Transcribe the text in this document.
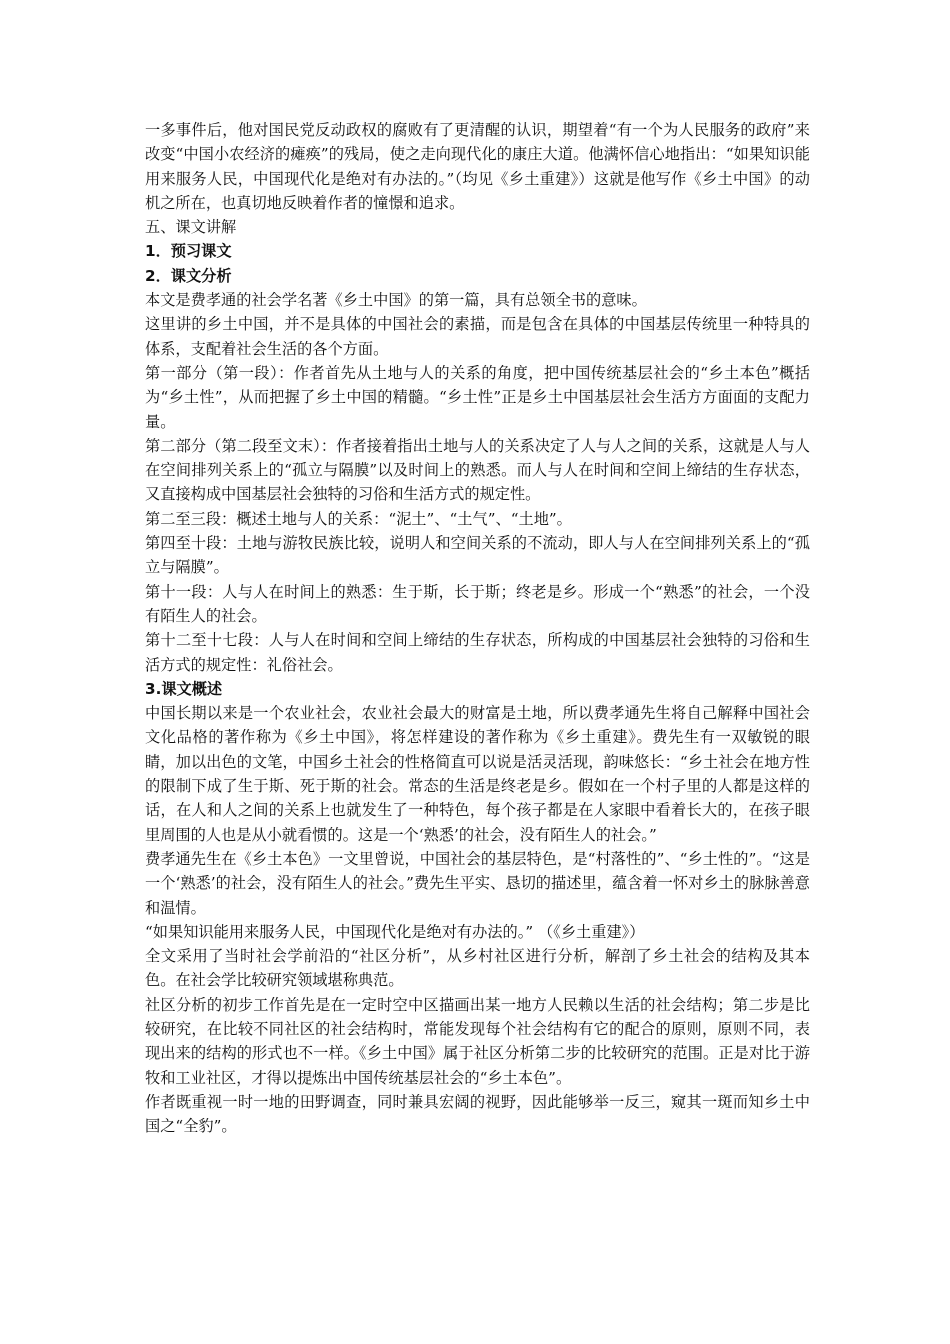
一多事件后，他对国民党反动政权的腐败有了更清醒的认识，期望着“有一个为人民服务的政府”来改变“中国小农经济的瘫痪”的残局，使之走向现代化的康庄大道。他满怀信心地指出：“如果知识能用来服务人民，中国现代化是绝对有办法的。”（均见《乡土重建》）这就是他写作《乡土中国》的动机之所在，也真切地反映着作者的憧憬和追求。

五、课文讲解

1．预习课文

2．课文分析

本文是费孝通的社会学名著《乡土中国》的第一篇，具有总领全书的意味。

这里讲的乡土中国，并不是具体的中国社会的素描，而是包含在具体的中国基层传统里一种特具的体系，支配着社会生活的各个方面。

第一部分（第一段）：作者首先从土地与人的关系的角度，把中国传统基层社会的“乡土本色”概括为“乡土性”，从而把握了乡土中国的精髓。“乡土性”正是乡土中国基层社会生活方方面面的支配力量。

第二部分（第二段至文末）：作者接着指出土地与人的关系决定了人与人之间的关系，这就是人与人在空间排列关系上的“孤立与隔膜”以及时间上的熟悉。而人与人在时间和空间上缔结的生存状态，又直接构成中国基层社会独特的习俗和生活方式的规定性。

第二至三段：概述土地与人的关系：“泥土”、“土气”、“土地”。

第四至十段：土地与游牧民族比较，说明人和空间关系的不流动，即人与人在空间排列关系上的“孤立与隔膜”。

第十一段：人与人在时间上的熟悉：生于斯，长于斯；终老是乡。形成一个“熟悉”的社会，一个没有陌生人的社会。

第十二至十七段：人与人在时间和空间上缔结的生存状态，所构成的中国基层社会独特的习俗和生活方式的规定性：礼俗社会。

3.课文概述

中国长期以来是一个农业社会，农业社会最大的财富是土地，所以费孝通先生将自己解释中国社会文化品格的著作称为《乡土中国》，将怎样建设的著作称为《乡土重建》。费先生有一双敏锐的眼睛，加以出色的文笔，中国乡土社会的性格简直可以说是活灵活现，韵味悠长：“乡土社会在地方性的限制下成了生于斯、死于斯的社会。常态的生活是终老是乡。假如在一个村子里的人都是这样的话，在人和人之间的关系上也就发生了一种特色，每个孩子都是在人家眼中看着长大的，在孩子眼里周围的人也是从小就看惯的。这是一个‘熟悉’的社会，没有陌生人的社会。”

费孝通先生在《乡土本色》一文里曾说，中国社会的基层特色，是“村落性的”、“乡土性的”。“这是一个‘熟悉’的社会，没有陌生人的社会。”费先生平实、恳切的描述里，蕴含着一怀对乡土的脉脉善意和温情。

“如果知识能用来服务人民，中国现代化是绝对有办法的。” （《乡土重建》）

全文采用了当时社会学前沿的“社区分析”，从乡村社区进行分析，解剖了乡土社会的结构及其本色。在社会学比较研究领域堪称典范。

社区分析的初步工作首先是在一定时空中区描画出某一地方人民赖以生活的社会结构；第二步是比较研究，在比较不同社区的社会结构时，常能发现每个社会结构有它的配合的原则，原则不同，表现出来的结构的形式也不一样。《乡土中国》属于社区分析第二步的比较研究的范围。正是对比于游牧和工业社区，才得以提炼出中国传统基层社会的“乡土本色”。

作者既重视一时一地的田野调查，同时兼具宏阔的视野，因此能够举一反三，窥其一斑而知乡土中国之“全豹”。
